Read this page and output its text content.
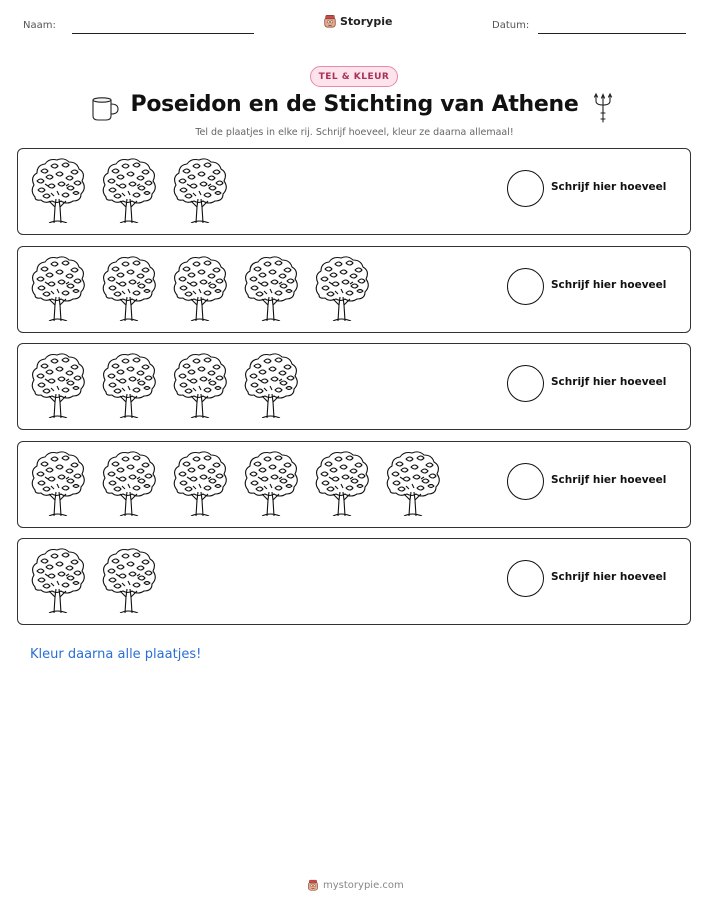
Naam:	Storypie	Datum:
TEL & KLEUR
Poseidon en de Stichting van Athene
Tel de plaatjes in elke rij. Schrijf hoeveel, kleur ze daarna allemaal!
Schrijf hier hoeveel
Schrijf hier hoeveel
Schrijf hier hoeveel
Schrijf hier hoeveel
Schrijf hier hoeveel
Kleur daarna alle plaatjes!
mystorypie.com
